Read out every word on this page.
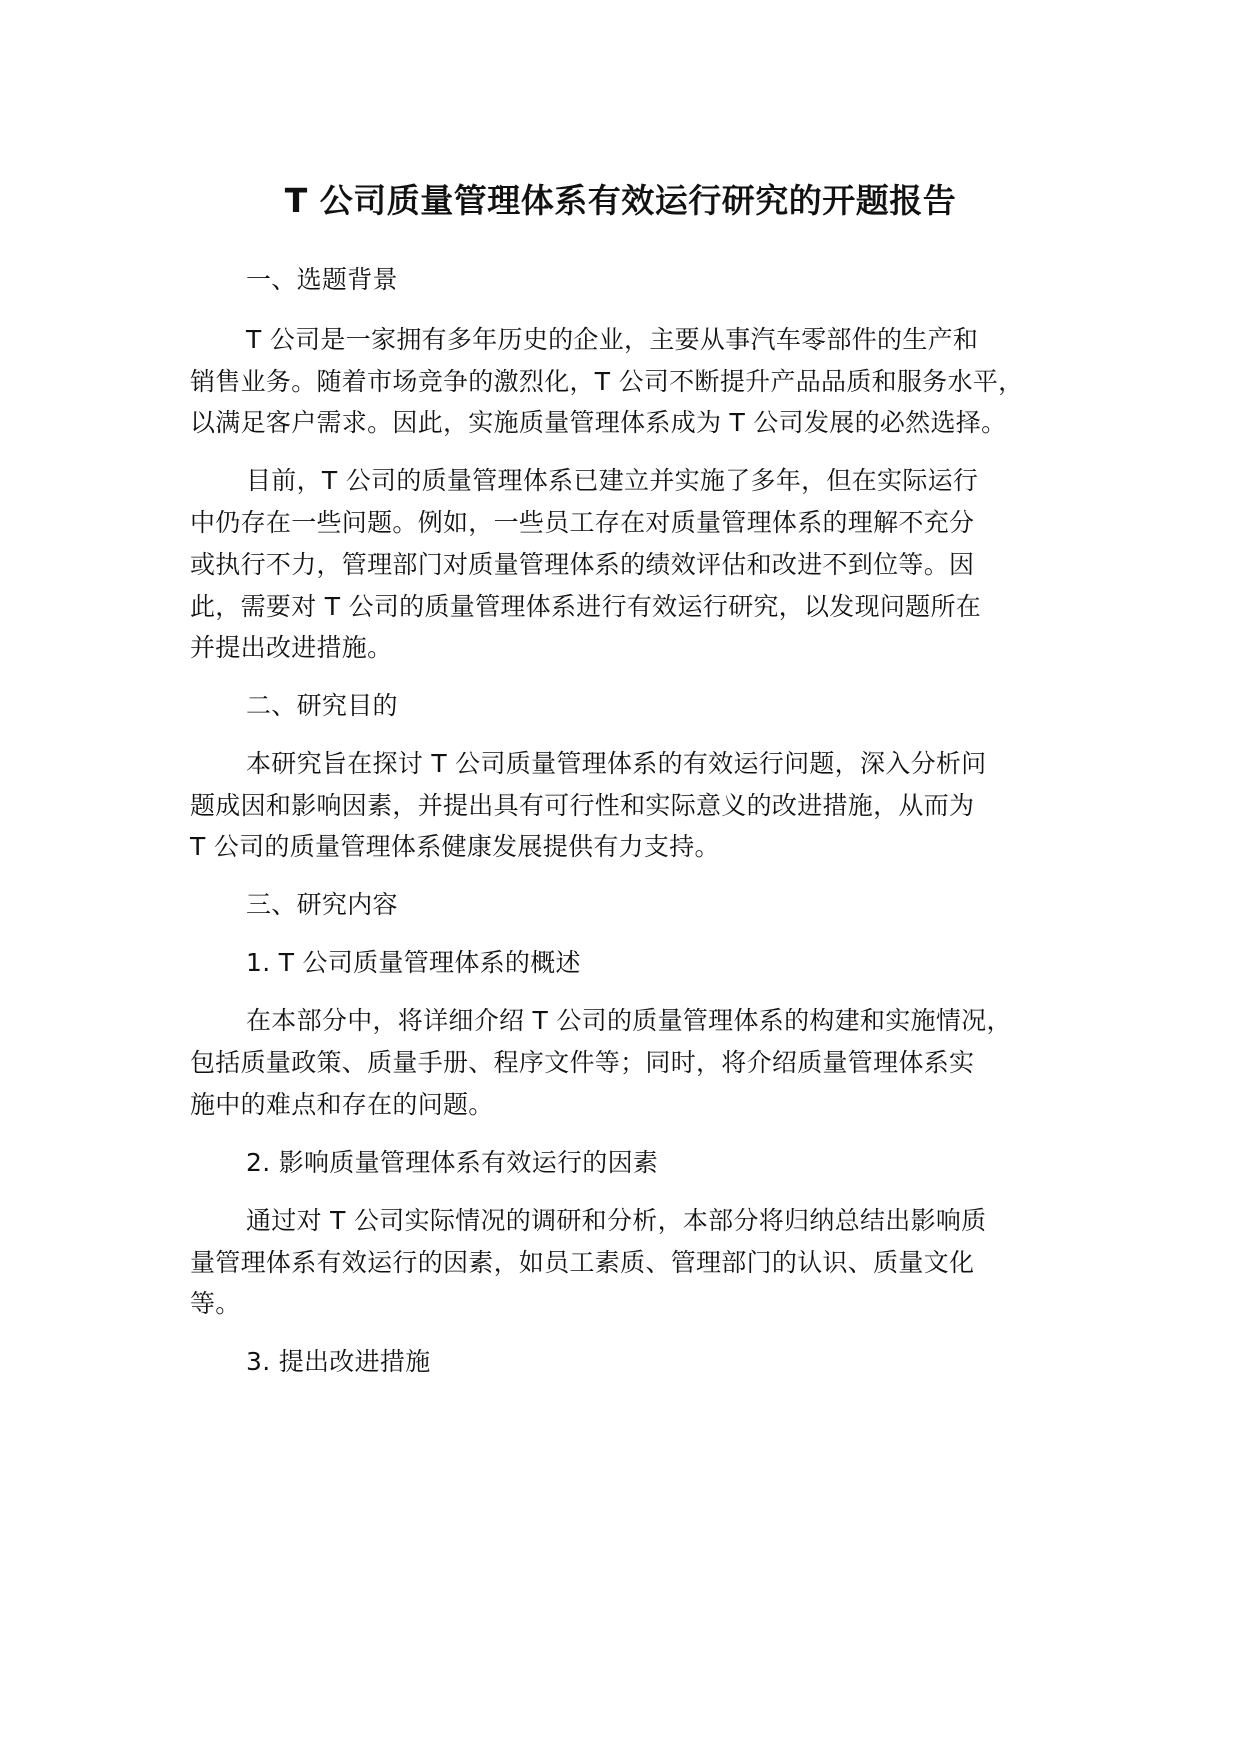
T 公司质量管理体系有效运行研究的开题报告
一、选题背景
T 公司是一家拥有多年历史的企业，主要从事汽车零部件的生产和
销售业务。随着市场竞争的激烈化，T 公司不断提升产品品质和服务水平，
以满足客户需求。因此，实施质量管理体系成为 T 公司发展的必然选择。
目前，T 公司的质量管理体系已建立并实施了多年，但在实际运行
中仍存在一些问题。例如，一些员工存在对质量管理体系的理解不充分
或执行不力，管理部门对质量管理体系的绩效评估和改进不到位等。因
此，需要对 T 公司的质量管理体系进行有效运行研究，以发现问题所在
并提出改进措施。
二、研究目的
本研究旨在探讨 T 公司质量管理体系的有效运行问题，深入分析问
题成因和影响因素，并提出具有可行性和实际意义的改进措施，从而为
T 公司的质量管理体系健康发展提供有力支持。
三、研究内容
1. T 公司质量管理体系的概述
在本部分中，将详细介绍 T 公司的质量管理体系的构建和实施情况，
包括质量政策、质量手册、程序文件等；同时，将介绍质量管理体系实
施中的难点和存在的问题。
2. 影响质量管理体系有效运行的因素
通过对 T 公司实际情况的调研和分析，本部分将归纳总结出影响质
量管理体系有效运行的因素，如员工素质、管理部门的认识、质量文化
等。
3. 提出改进措施
